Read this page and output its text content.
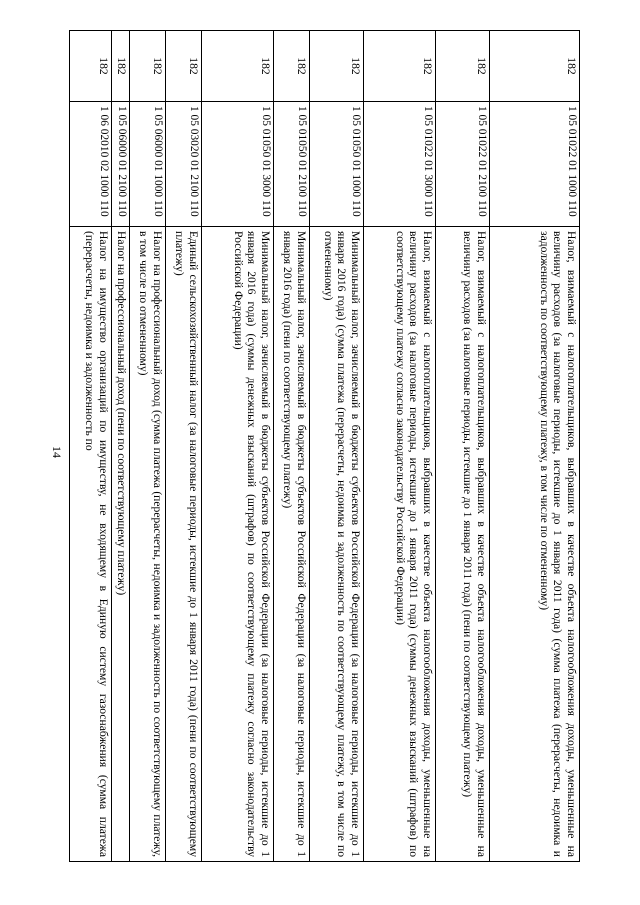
14
182	1 05 01022 01 1000 110	Налог, взимаемый с налогоплательщиков, выбравших в качестве объекта налогообложения доходы, уменьшенные на величину расходов (за налоговые периоды, истекшие до 1 января 2011 года) (сумма платежа (перерасчеты, недоимка и задолженность по соответствующему платежу, в том числе по отмененному)
182	1 05 01022 01 2100 110	Налог, взимаемый с налогоплательщиков, выбравших в качестве объекта налогообложения доходы, уменьшенные на величину расходов (за налоговые периоды, истекшие до 1 января 2011 года) (пени по соответствующему платежу)
182	1 05 01022 01 3000 110	Налог, взимаемый с налогоплательщиков, выбравших в качестве объекта налогообложения доходы, уменьшенные на величину расходов (за налоговые периоды, истекшие до 1 января 2011 года) (суммы денежных взысканий (штрафов) по соответствующему платежу согласно законодательству Российской Федерации)
182	1 05 01050 01 1000 110	Минимальный налог, зачисляемый в бюджеты субъектов Российской Федерации (за налоговые периоды, истекшие до 1 января 2016 года) (сумма платежа (перерасчеты, недоимка и задолженность по соответствующему платежу, в том числе по отмененному)
182	1 05 01050 01 2100 110	Минимальный налог, зачисляемый в бюджеты субъектов Российской Федерации (за налоговые периоды, истекшие до 1 января 2016 года) (пени по соответствующему платежу)
182	1 05 01050 01 3000 110	Минимальный налог, зачисляемый в бюджеты субъектов Российской Федерации (за налоговые периоды, истекшие до 1 января 2016 года) (суммы денежных взысканий (штрафов) по соответствующему платежу согласно законодательству Российской Федерации)
182	1 05 03020 01 2100 110	Единый сельскохозяйственный налог (за налоговые периоды, истекшие до 1 января 2011 года) (пени по соответствующему платежу)
182	1 05 06000 01 1000 110	Налог на профессиональный доход (сумма платежа (перерасчеты, недоимка и задолженность по соответствующему платежу, в том числе по отмененному)
182	1 05 06000 01 2100 110	Налог на профессиональный доход (пени по соответствующему платежу)
182	1 06 02010 02 1000 110	Налог на имущество организаций по имуществу, не входящему в Единую систему газоснабжения (сумма платежа (перерасчеты, недоимка и задолженность по
